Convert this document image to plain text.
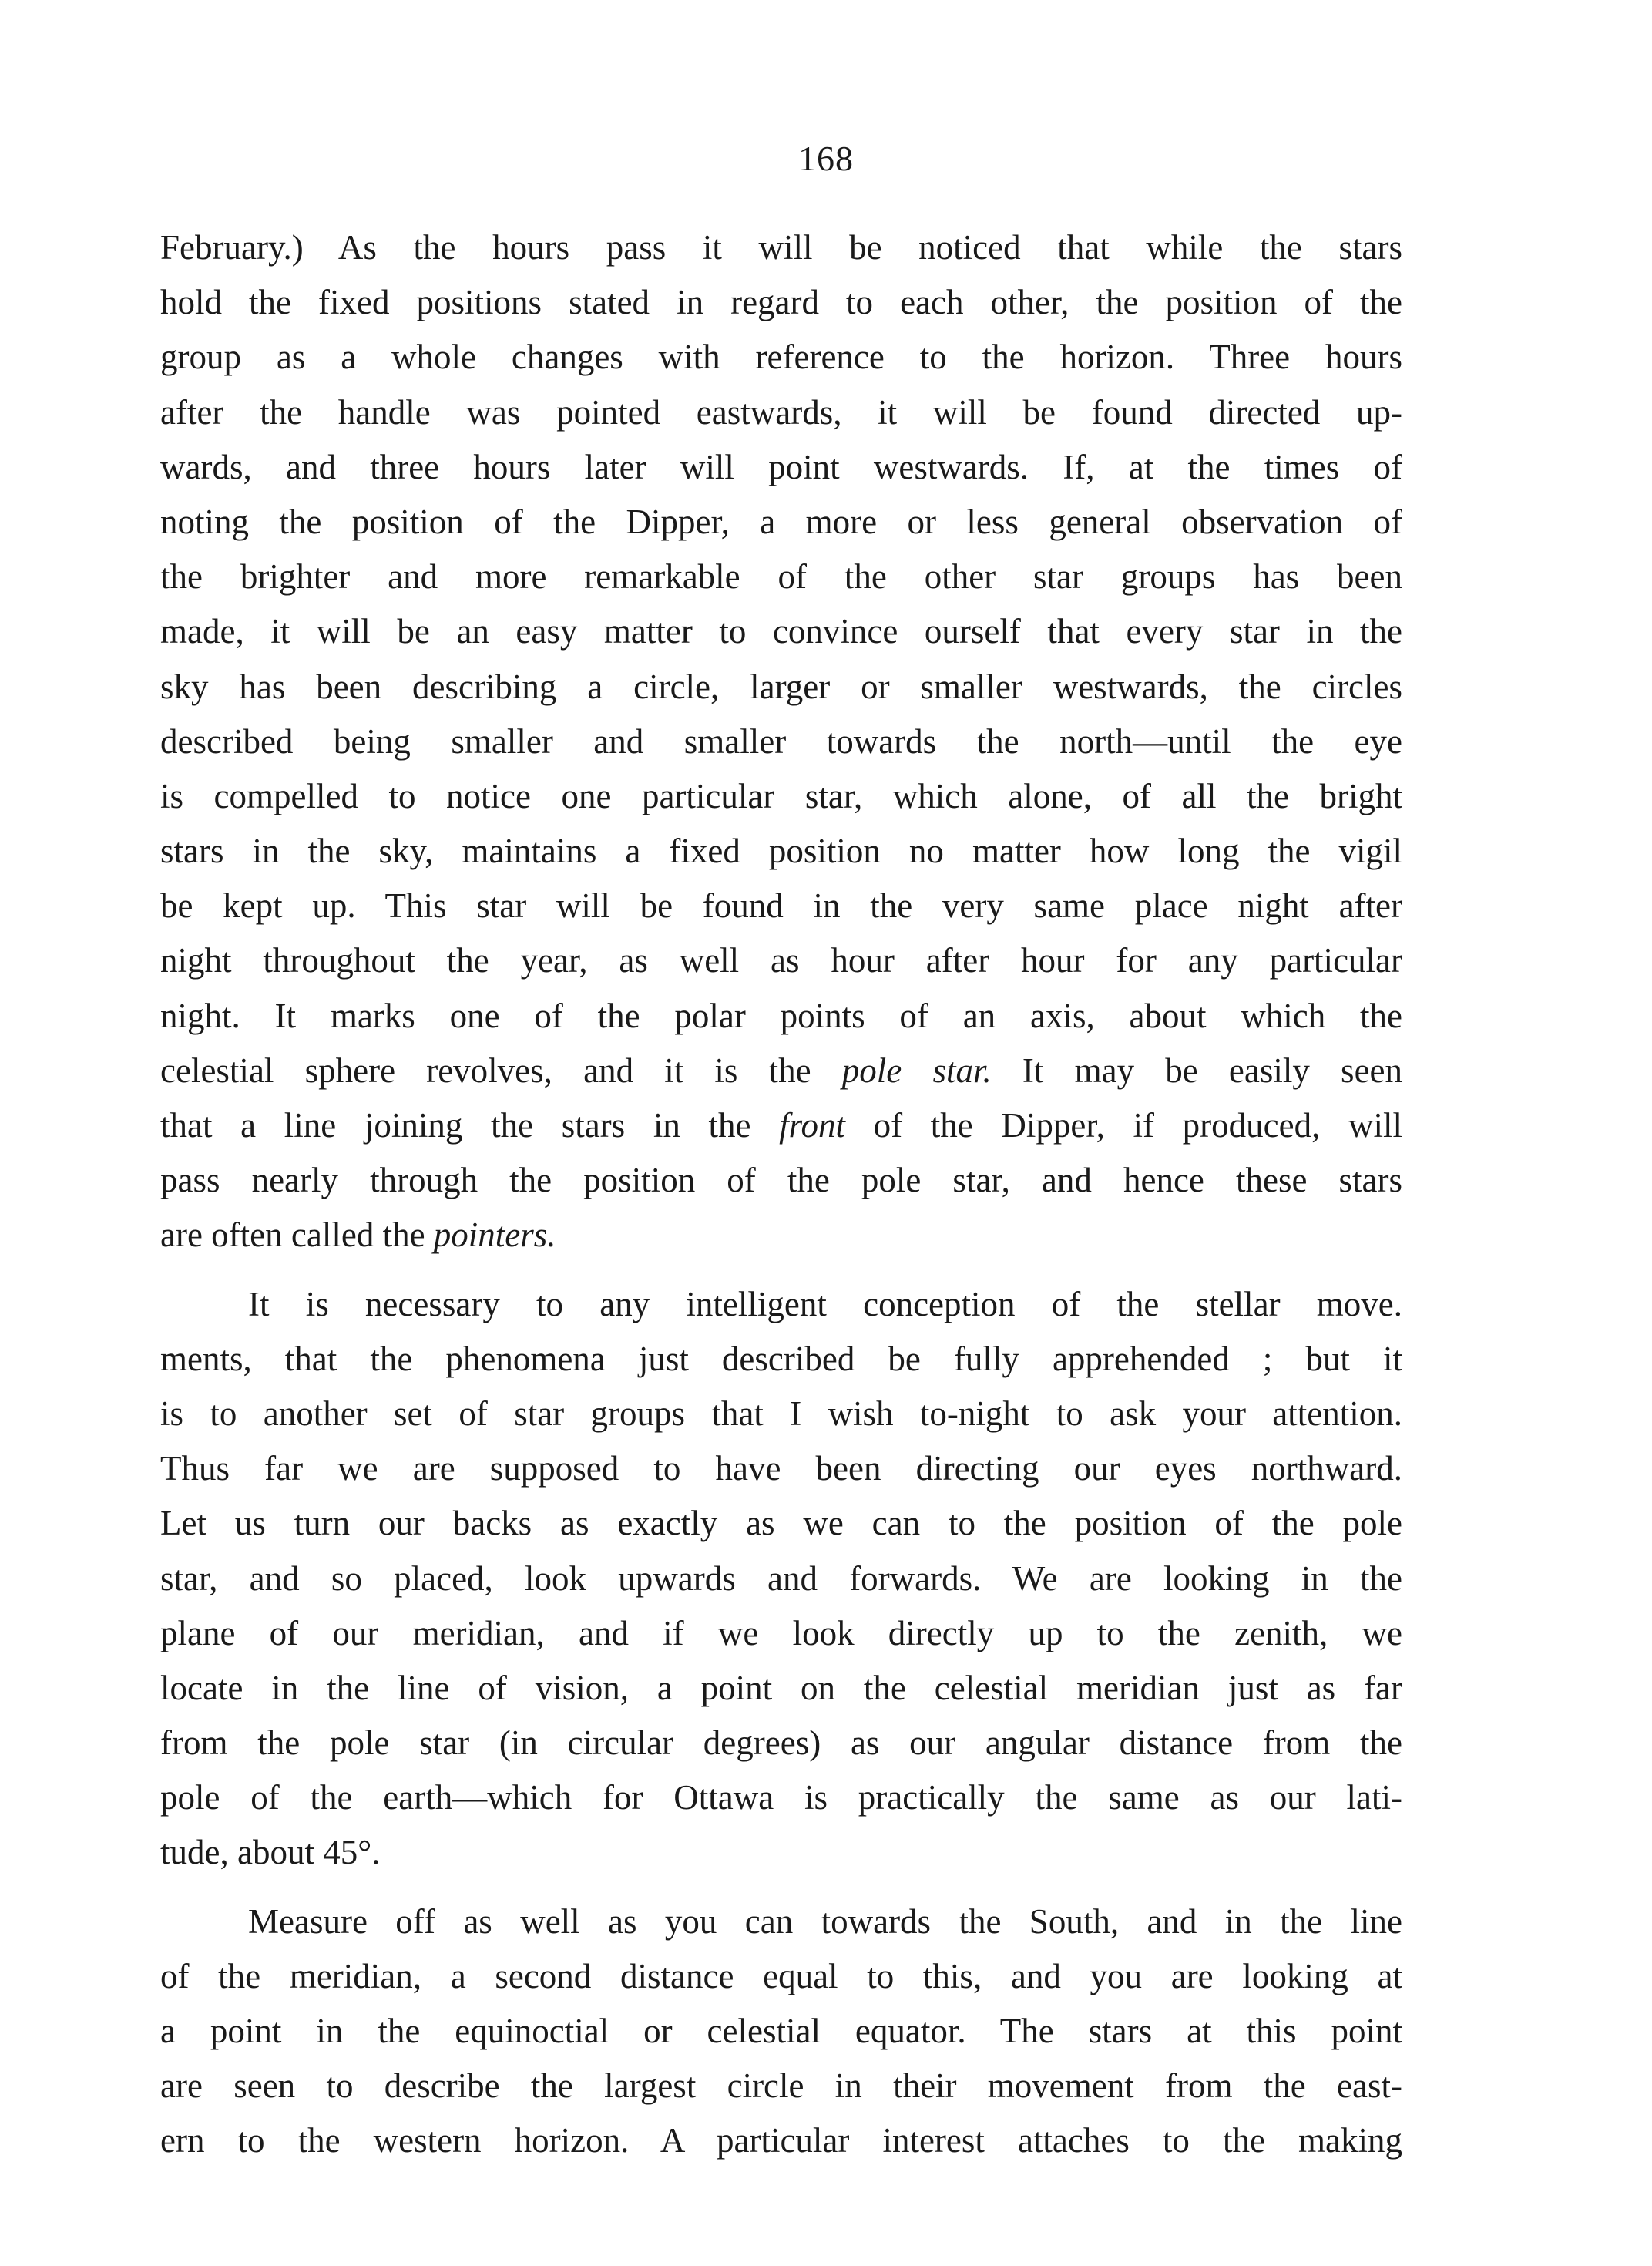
168
February.) As the hours pass it will be noticed that while the stars
hold the fixed positions stated in regard to each other, the position of the
group as a whole changes with reference to the horizon. Three hours
after the handle was pointed eastwards, it will be found directed up-
wards, and three hours later will point westwards. If, at the times of
noting the position of the Dipper, a more or less general observation of
the brighter and more remarkable of the other star groups has been
made, it will be an easy matter to convince ourself that every star in the
sky has been describing a circle, larger or smaller westwards, the circles
described being smaller and smaller towards the north—until the eye
is compelled to notice one particular star, which alone, of all the bright
stars in the sky, maintains a fixed position no matter how long the vigil
be kept up. This star will be found in the very same place night after
night throughout the year, as well as hour after hour for any particular
night. It marks one of the polar points of an axis, about which the
celestial sphere revolves, and it is the pole star. It may be easily seen
that a line joining the stars in the front of the Dipper, if produced, will
pass nearly through the position of the pole star, and hence these stars
are often called the pointers.
It is necessary to any intelligent conception of the stellar move.
ments, that the phenomena just described be fully apprehended ; but it
is to another set of star groups that I wish to-night to ask your attention.
Thus far we are supposed to have been directing our eyes northward.
Let us turn our backs as exactly as we can to the position of the pole
star, and so placed, look upwards and forwards. We are looking in the
plane of our meridian, and if we look directly up to the zenith, we
locate in the line of vision, a point on the celestial meridian just as far
from the pole star (in circular degrees) as our angular distance from the
pole of the earth—which for Ottawa is practically the same as our lati-
tude, about 45°.
Measure off as well as you can towards the South, and in the line
of the meridian, a second distance equal to this, and you are looking at
a point in the equinoctial or celestial equator. The stars at this point
are seen to describe the largest circle in their movement from the east-
ern to the western horizon. A particular interest attaches to the making
